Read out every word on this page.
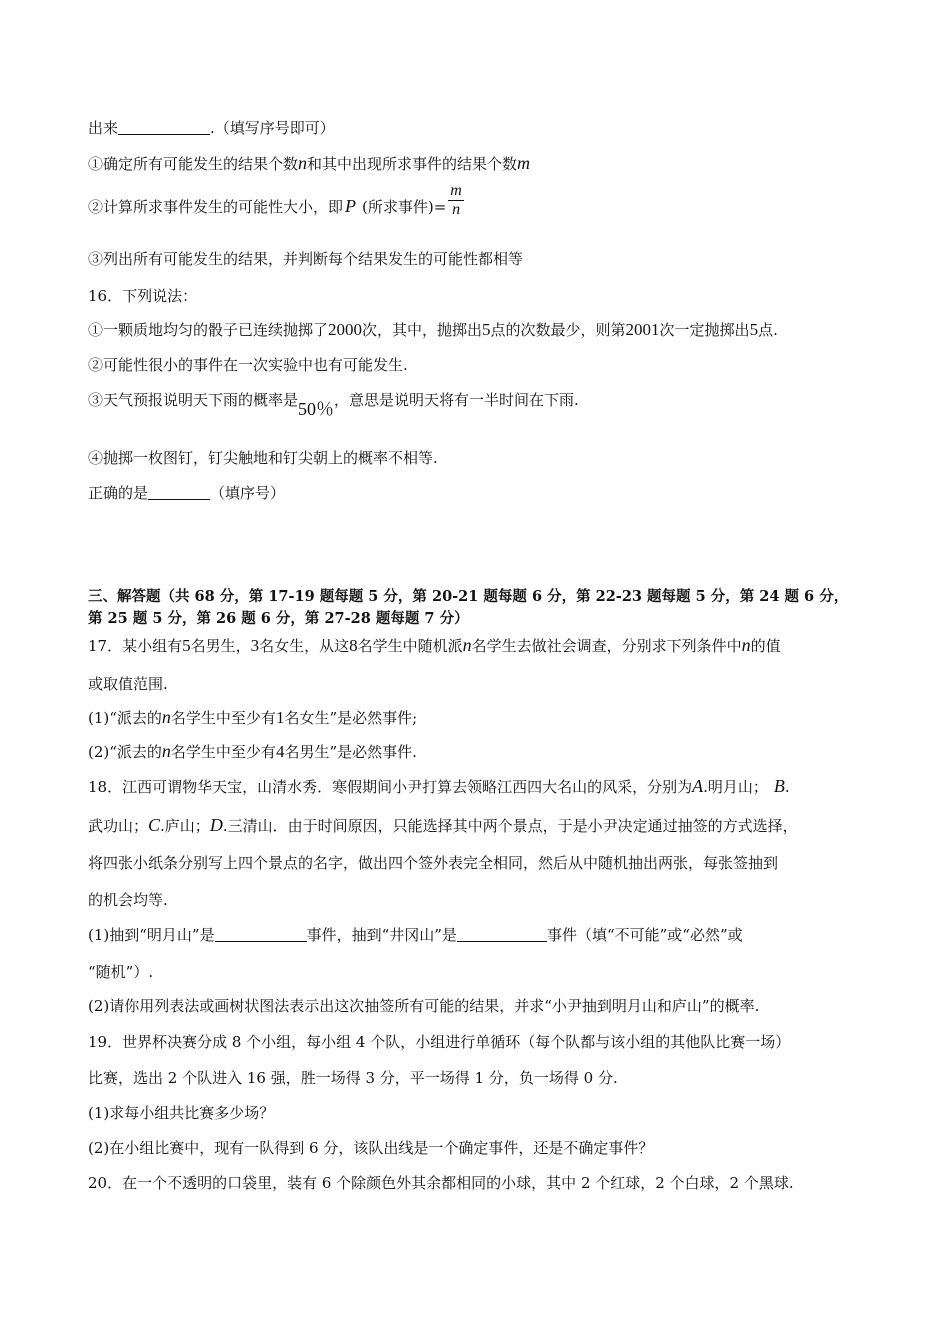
出来	.（填写序号即可）
①确定所有可能发生的结果个数n和其中出现所求事件的结果个数m
②计算所求事件发生的可能性大小，即 P (所求事件)= $\frac{m}{n}$
③列出所有可能发生的结果，并判断每个结果发生的可能性都相等
16．下列说法：
①一颗质地均匀的骰子已连续抛掷了2000次，其中，抛掷出5点的次数最少，则第2001次一定抛掷出5点.
②可能性很小的事件在一次实验中也有可能发生.
③天气预报说明天下雨的概率是50％，意思是说明天将有一半时间在下雨.
④抛掷一枚图钉，钉尖触地和钉尖朝上的概率不相等.
正确的是	（填序号）
三、解答题（共 68 分，第 17-19 题每题 5 分，第 20-21 题每题 6 分，第 22-23 题每题 5 分，第 24 题 6 分，
第 25 题 5 分，第 26 题 6 分，第 27-28 题每题 7 分）
17．某小组有5名男生，3名女生，从这8名学生中随机派n名学生去做社会调查，分别求下列条件中n的值
或取值范围.
(1)“派去的n名学生中至少有1名女生”是必然事件;
(2)“派去的n名学生中至少有4名男生”是必然事件.
18．江西可谓物华天宝，山清水秀．寒假期间小尹打算去领略江西四大名山的风采，分别为A.明月山； B.
武功山；C.庐山；D.三清山．由于时间原因，只能选择其中两个景点，于是小尹决定通过抽签的方式选择，
将四张小纸条分别写上四个景点的名字，做出四个签外表完全相同，然后从中随机抽出两张，每张签抽到
的机会均等.
(1)抽到“明月山”是	事件，抽到“井冈山”是	事件（填“不可能”或“必然”或
“随机”）.
(2)请你用列表法或画树状图法表示出这次抽签所有可能的结果，并求“小尹抽到明月山和庐山”的概率.
19．世界杯决赛分成 8 个小组，每小组 4 个队，小组进行单循环（每个队都与该小组的其他队比赛一场）
比赛，选出 2 个队进入 16 强，胜一场得 3 分，平一场得 1 分，负一场得 0 分.
(1)求每小组共比赛多少场？
(2)在小组比赛中，现有一队得到 6 分，该队出线是一个确定事件，还是不确定事件？
20．在一个不透明的口袋里，装有 6 个除颜色外其余都相同的小球，其中 2 个红球，2 个白球，2 个黑球.
